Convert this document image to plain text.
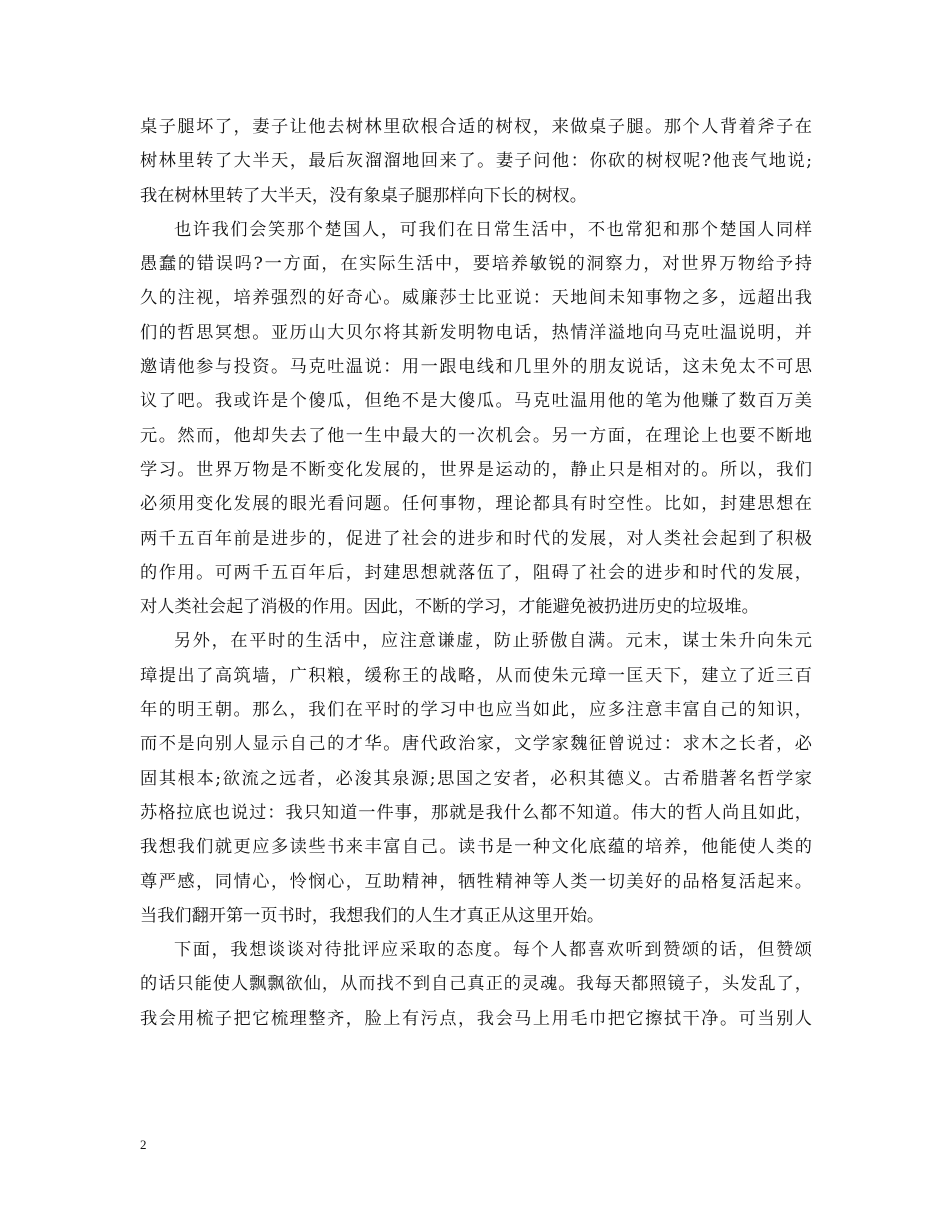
桌子腿坏了，妻子让他去树林里砍根合适的树杈，来做桌子腿。那个人背着斧子在
树林里转了大半天，最后灰溜溜地回来了。妻子问他：你砍的树杈呢?他丧气地说;
我在树林里转了大半天，没有象桌子腿那样向下长的树杈。
也许我们会笑那个楚国人，可我们在日常生活中，不也常犯和那个楚国人同样
愚蠢的错误吗?一方面，在实际生活中，要培养敏锐的洞察力，对世界万物给予持
久的注视，培养强烈的好奇心。威廉莎士比亚说：天地间未知事物之多，远超出我
们的哲思冥想。亚历山大贝尔将其新发明物电话，热情洋溢地向马克吐温说明，并
邀请他参与投资。马克吐温说：用一跟电线和几里外的朋友说话，这未免太不可思
议了吧。我或许是个傻瓜，但绝不是大傻瓜。马克吐温用他的笔为他赚了数百万美
元。然而，他却失去了他一生中最大的一次机会。另一方面，在理论上也要不断地
学习。世界万物是不断变化发展的，世界是运动的，静止只是相对的。所以，我们
必须用变化发展的眼光看问题。任何事物，理论都具有时空性。比如，封建思想在
两千五百年前是进步的，促进了社会的进步和时代的发展，对人类社会起到了积极
的作用。可两千五百年后，封建思想就落伍了，阻碍了社会的进步和时代的发展，
对人类社会起了消极的作用。因此，不断的学习，才能避免被扔进历史的垃圾堆。
另外，在平时的生活中，应注意谦虚，防止骄傲自满。元末，谋士朱升向朱元
璋提出了高筑墙，广积粮，缓称王的战略，从而使朱元璋一匡天下，建立了近三百
年的明王朝。那么，我们在平时的学习中也应当如此，应多注意丰富自己的知识，
而不是向别人显示自己的才华。唐代政治家，文学家魏征曾说过：求木之长者，必
固其根本;欲流之远者，必浚其泉源;思国之安者，必积其德义。古希腊著名哲学家
苏格拉底也说过：我只知道一件事，那就是我什么都不知道。伟大的哲人尚且如此，
我想我们就更应多读些书来丰富自己。读书是一种文化底蕴的培养，他能使人类的
尊严感，同情心，怜悯心，互助精神，牺牲精神等人类一切美好的品格复活起来。
当我们翻开第一页书时，我想我们的人生才真正从这里开始。
下面，我想谈谈对待批评应采取的态度。每个人都喜欢听到赞颂的话，但赞颂
的话只能使人飘飘欲仙，从而找不到自己真正的灵魂。我每天都照镜子，头发乱了，
我会用梳子把它梳理整齐，脸上有污点，我会马上用毛巾把它擦拭干净。可当别人
2
